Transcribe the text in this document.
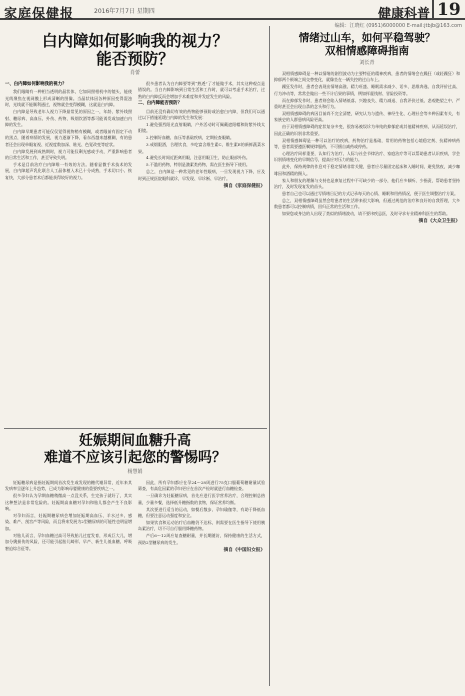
家庭保健报	2016年7月7日 星期四	健康科普 19
编辑：江晓红 (0951)6000000 E-mail:jtbjb@163.com
白内障如何影响我的视力？
能否预防？
肖蕾
一、白内障如何影响我的视力？

我们眼睛有一种相当透明的晶状体，它如同照相机中的镜头，能使光线聚焦在视网膜上形成清晰的图像。当晶状体因各种原因变得混浊时，光线就不能顺利通过，视物就会变得模糊，这就是白内障。

白内障是导致老年人视力下降最常见的原因之一，年龄、紫外线照射、糖尿病、高血压、外伤、药物、吸烟饮酒等都可能诱发或加速白内障的发生。

白内障早期患者可能仅仅觉得视物稍有模糊，或者眼前有固定不动的黑点，随着病情的发展，视力逐渐下降，看东西越来越模糊，有的患者还会出现单眼复视、近视度数加深、眩光、色觉改变等症状。

白内障发展到成熟期时，视力可能仅剩光感或手动，严重影响患者的日常生活和工作，甚至导致失明。

手术是目前治疗白内障唯一有效的方法。随着显微手术技术的发展，白内障超声乳化联合人工晶体植入术已十分成熟，手术切口小、恢复快，大部分患者术后都能获得较好的视力。

很多患者认为白内障要等到“熟透”了才能做手术，其实这种观点是错误的。当白内障影响到日常生活和工作时，就可以考虑手术治疗，过熟的白内障反而会增加手术难度和并发症发生的风险。

二、白内障能否预防？

目前还没有确切有效的药物能够预防或治愈白内障，但我们可以通过以下措施延缓白内障的发生和发展：

1.避免强烈阳光直射眼睛，户外活动时可佩戴遮阳帽和防紫外线太阳镜。

2.控制好血糖、血压等基础疾病，定期检查眼睛。

3.戒烟限酒，合理饮食，多吃富含维生素C、维生素E的新鲜蔬菜水果。

4.避免长时间近距离用眼，注意用眼卫生，防止眼部外伤。

5.不滥用药物，特别是激素类药物，需在医生指导下使用。

总之，白内障是一种常见的老年性眼病，一旦发现视力下降，应及时到正规医院眼科就诊，早发现、早诊断、早治疗。

摘自《家庭保健报》
妊娠期间血糖升高
难道不应该引起您的警惕吗？
杨慧娟

妊娠糖尿病是指妊娠期间首次发生或发现的糖代谢异常，近年来其发病率呈逐年上升趋势，已成为影响母婴健康的重要疾病之一。

很多孕妇认为孕期血糖稍微高一点没关系，生完孩子就好了，其实这种想法是非常危险的。妊娠期高血糖对孕妇和胎儿都会产生不良影响。

对孕妇而言，妊娠期糖尿病会增加妊娠期高血压、羊水过多、感染、难产、剖宫产等风险，而且将来发展为2型糖尿病的可能性也明显增加。

对胎儿而言，孕妇血糖过高可导致胎儿过度发育，形成巨大儿，增加分娩损伤的风险，还可能引起胎儿畸形、早产、新生儿低血糖、呼吸窘迫综合征等。

因此，所有孕妇都应在孕24～28周进行75克口服葡萄糖耐量试验筛查，有高危因素的孕妇更应在首次产检时就进行血糖检查。

一旦确诊为妊娠糖尿病，首先应进行医学营养治疗，合理控制总热量，少量多餐，选择低升糖指数的食物，保证营养均衡。

其次要进行适当的运动，如餐后散步、孕妇瑜伽等，有助于降低血糖，但要注意运动强度和安全。

如果饮食和运动治疗后血糖仍不达标，则需要在医生指导下使用胰岛素治疗，切不可自行服用降糖药物。

产后6～12周应复查糖耐量，并长期随访，保持健康的生活方式，预防2型糖尿病的发生。

摘自《中国妇女报》
情绪过山车，如何平稳驾驶？
双相情感障碍指南
刘长青

双相情感障碍是一种以情绪的剧烈波动为主要特征的精神疾病，患者的情绪会在躁狂（或轻躁狂）和抑郁两个极端之间交替变化，就像坐在一辆失控的过山车上。

躁狂发作时，患者会表现出情绪高涨、精力旺盛、睡眠需求减少、话多、思维奔逸、自我评价过高、行为冲动等，常常会做出一些不计后果的事情，例如挥霍钱财、冒险投资等。

而在抑郁发作时，患者则会陷入情绪低落、兴趣丧失、精力减退、自我评价过低、悲观绝望之中，严重时甚至会出现自杀的念头和行为。

双相情感障碍的病因目前尚不完全清楚，研究认为与遗传、神经生化、心理社会等多种因素有关，有家族史的人群患病风险更高。

由于双相情感障碍的症状复杂多变，很容易被误诊为单纯的抑郁症或其他精神疾病，从而延误治疗，因此正确的识别非常重要。

双相情感障碍是一种可以治疗的疾病，药物治疗是基础，常用的药物包括心境稳定剂、抗精神病药等，患者需要遵医嘱规律服药，不可擅自减药或停药。

心理治疗同样重要，认知行为治疗、人际与社会节律治疗、家庭治疗等可以帮助患者认识疾病，学会识别情绪变化的早期信号，提高应对压力的能力。

此外，保持规律的作息对于稳定情绪非常关键，患者应尽量固定起床和入睡时间，避免熬夜，减少咖啡因和酒精的摄入。

家人和朋友的理解与支持也是康复过程中不可缺少的一部分，他们应多倾听、少指责，帮助患者坚持治疗，及时发现复发的苗头。

患者自己也可以通过写情绪日记的方式记录每天的心情、睡眠和用药情况，便于医生调整治疗方案。

总之，双相情感障碍虽然会给患者的生活带来很大影响，但通过规范的治疗和良好的自我管理，大多数患者都可以控制病情，回归正常的生活和工作。

如果您或身边的人出现了类似的情绪波动，请不要讳疾忌医，及时寻求专业精神科医生的帮助。

摘自《大众卫生报》
